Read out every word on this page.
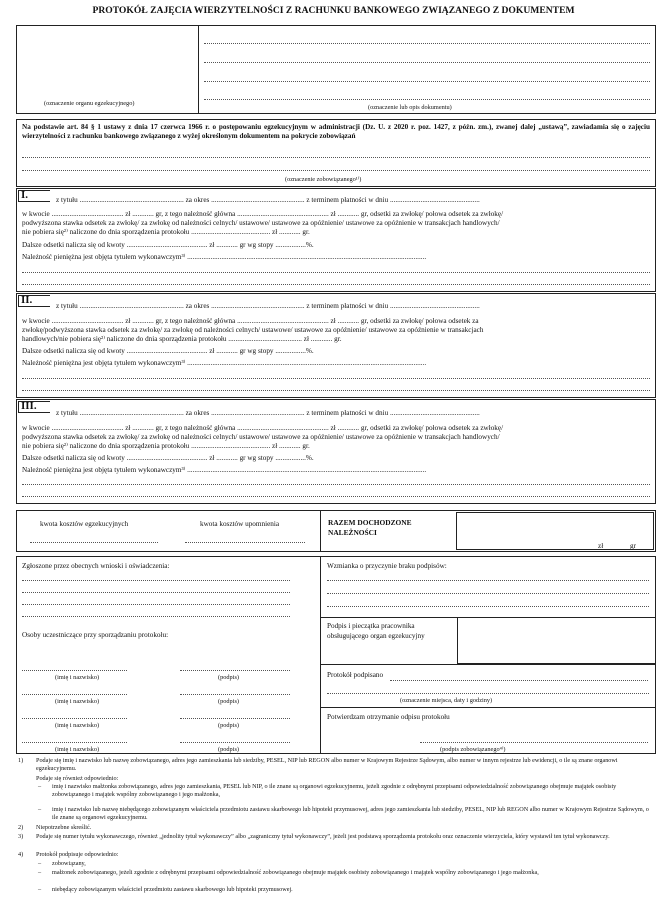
PROTOKÓŁ ZAJĘCIA WIERZYTELNOŚCI Z RACHUNKU BANKOWEGO ZWIĄZANEGO Z DOKUMENTEM
(oznaczenie organu egzekucyjnego)
(oznaczenie lub opis dokumentu)
Na podstawie art. 84 § 1 ustawy z dnia 17 czerwca 1966 r. o postępowaniu egzekucyjnym w administracji (Dz. U. z 2020 r. poz. 1427, z późn. zm.), zwanej dalej „ustawą”, zawiadamia się o zajęciu wierzytelności z rachunku bankowego związanego z wyżej określonym dokumentem na pokrycie zobowiązań
(oznaczenie zobowiązanego¹⁾)
I.	z tytułu .......................................................... za okres .................................................... z terminem płatności w dniu ..................................................
w kwocie ........................................ zł ............ gr, z tego należność główna ................................................... zł ............ gr, odsetki za zwłokę/ połowa odsetek za zwłokę/
podwyższona stawka odsetek za zwłokę/ za zwłokę od należności celnych/ ustawowe/ ustawowe za opóźnienie/ ustawowe za opóźnienie w transakcjach handlowych/
nie pobiera się²⁾ naliczone do dnia sporządzenia protokołu ............................................ zł ............ gr.
Dalsze odsetki nalicza się od kwoty ............................................. zł ............ gr wg stopy .................%.
Należność pieniężna jest objęta tytułem wykonawczym³⁾ .....................................................................................................................................
II.	z tytułu .......................................................... za okres .................................................... z terminem płatności w dniu ..................................................
w kwocie ........................................ zł ............ gr, z tego należność główna ................................................... zł ............ gr, odsetki za zwłokę/ połowa odsetek za
zwłokę/podwyższona stawka odsetek za zwłokę/ za zwłokę od należności celnych/ ustawowe/ ustawowe za opóźnienie/ ustawowe za opóźnienie w transakcjach
handlowych/nie pobiera się²⁾ naliczone do dnia sporządzenia protokołu ......................................... zł ............ gr.
Dalsze odsetki nalicza się od kwoty ............................................. zł ............ gr wg stopy .................%.
Należność pieniężna jest objęta tytułem wykonawczym³⁾ .....................................................................................................................................
III.
z tytułu .......................................................... za okres .................................................... z terminem płatności w dniu ..................................................
w kwocie ........................................ zł ............ gr, z tego należność główna ................................................... zł ............ gr, odsetki za zwłokę/ połowa odsetek za zwłokę/
podwyższona stawka odsetek za zwłokę/ za zwłokę od należności celnych/ ustawowe/ ustawowe za opóźnienie/ ustawowe za opóźnienie w transakcjach handlowych/
nie pobiera się²⁾ naliczone do dnia sporządzenia protokołu ............................................ zł ............ gr.
Dalsze odsetki nalicza się od kwoty ............................................. zł ............ gr wg stopy .................%.
Należność pieniężna jest objęta tytułem wykonawczym³⁾ .....................................................................................................................................
kwota kosztów egzekucyjnych	kwota kosztów upomnienia	RAZEM DOCHODZONE NALEŻNOŚCI
zł	gr
Zgłoszone przez obecnych wnioski i oświadczenia:
Osoby uczestniczące przy sporządzaniu protokołu:
(imię i nazwisko)	(podpis)
(imię i nazwisko)	(podpis)
(imię i nazwisko)	(podpis)
(imię i nazwisko)	(podpis)
Wzmianka o przyczynie braku podpisów:
Podpis i pieczątka pracownika obsługującego organ egzekucyjny
Protokół podpisano
(oznaczenie miejsca, daty i godziny)
Potwierdzam otrzymanie odpisu protokołu
(podpis zobowiązanego⁴⁾)
1)	Podaje się imię i nazwisko lub nazwę zobowiązanego, adres jego zamieszkania lub siedziby, PESEL, NIP lub REGON albo numer w Krajowym Rejestrze Sądowym, albo numer w innym rejestrze lub ewidencji, o ile są znane organowi egzekucyjnemu.
Podaje się również odpowiednio:
–	imię i nazwisko małżonka zobowiązanego, adres jego zamieszkania, PESEL lub NIP, o ile znane są organowi egzekucyjnemu, jeżeli zgodnie z odrębnymi przepisami odpowiedzialność zobowiązanego obejmuje majątek osobisty zobowiązanego i majątek wspólny zobowiązanego i jego małżonka,
–	imię i nazwisko lub nazwę niebędącego zobowiązanym właściciela przedmiotu zastawu skarbowego lub hipoteki przymusowej, adres jego zamieszkania lub siedziby, PESEL, NIP lub REGON albo numer w Krajowym Rejestrze Sądowym, o ile znane są organowi egzekucyjnemu.
2)	Niepotrzebne skreślić.
3)	Podaje się numer tytułu wykonawczego, również „jednolity tytuł wykonawczy” albo „zagraniczny tytuł wykonawczy”, jeżeli jest podstawą sporządzenia protokołu oraz oznaczenie wierzyciela, który wystawił ten tytuł wykonawczy.
4)	Protokół podpisuje odpowiednio:
–	zobowiązany,
–	małżonek zobowiązanego, jeżeli zgodnie z odrębnymi przepisami odpowiedzialność zobowiązanego obejmuje majątek osobisty zobowiązanego i majątek wspólny zobowiązanego i jego małżonka,
–	niebędący zobowiązanym właściciel przedmiotu zastawu skarbowego lub hipoteki przymusowej.
